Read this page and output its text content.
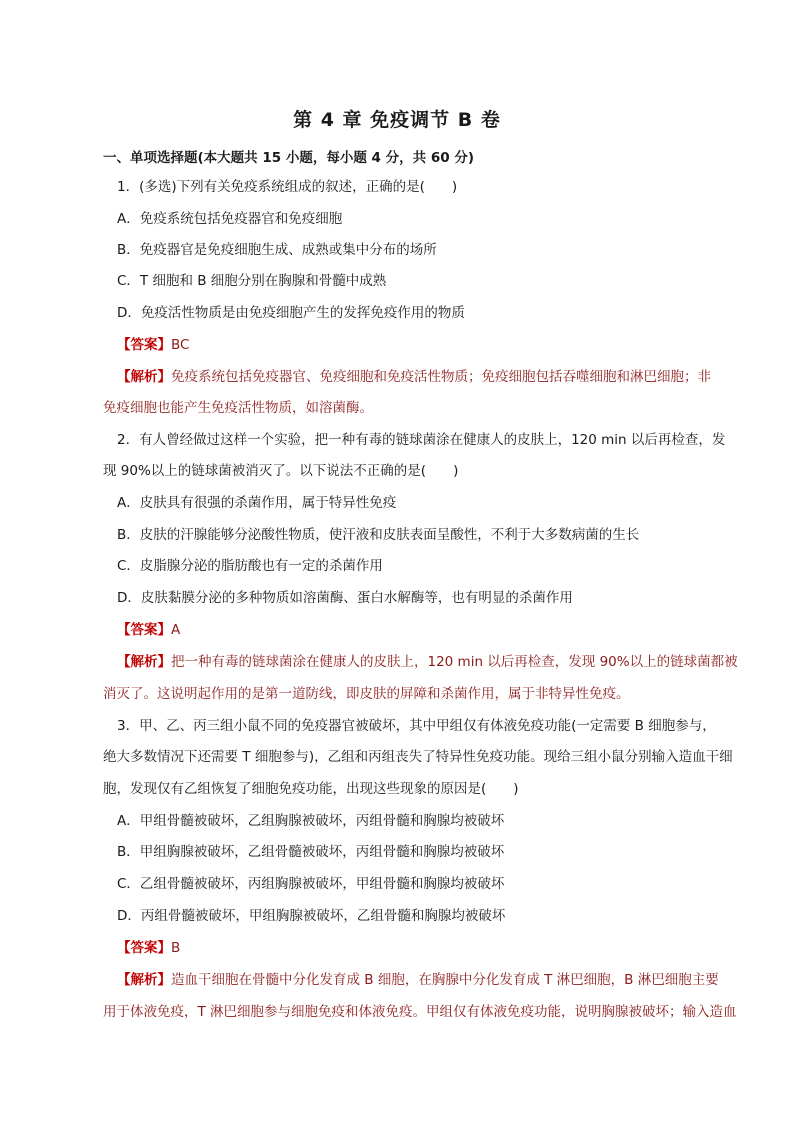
第 4 章 免疫调节 B 卷
一、单项选择题(本大题共 15 小题，每小题 4 分，共 60 分)
1．(多选)下列有关免疫系统组成的叙述，正确的是(　　)
A．免疫系统包括免疫器官和免疫细胞
B．免疫器官是免疫细胞生成、成熟或集中分布的场所
C．T 细胞和 B 细胞分别在胸腺和骨髓中成熟
D．免疫活性物质是由免疫细胞产生的发挥免疫作用的物质
【答案】BC
【解析】免疫系统包括免疫器官、免疫细胞和免疫活性物质；免疫细胞包括吞噬细胞和淋巴细胞；非
免疫细胞也能产生免疫活性物质，如溶菌酶。
2．有人曾经做过这样一个实验，把一种有毒的链球菌涂在健康人的皮肤上，120 min 以后再检查，发
现 90%以上的链球菌被消灭了。以下说法不正确的是(　　)
A．皮肤具有很强的杀菌作用，属于特异性免疫
B．皮肤的汗腺能够分泌酸性物质，使汗液和皮肤表面呈酸性，不利于大多数病菌的生长
C．皮脂腺分泌的脂肪酸也有一定的杀菌作用
D．皮肤黏膜分泌的多种物质如溶菌酶、蛋白水解酶等，也有明显的杀菌作用
【答案】A
【解析】把一种有毒的链球菌涂在健康人的皮肤上，120 min 以后再检查，发现 90%以上的链球菌都被
消灭了。这说明起作用的是第一道防线，即皮肤的屏障和杀菌作用，属于非特异性免疫。
3．甲、乙、丙三组小鼠不同的免疫器官被破坏，其中甲组仅有体液免疫功能(一定需要 B 细胞参与，
绝大多数情况下还需要 T 细胞参与)，乙组和丙组丧失了特异性免疫功能。现给三组小鼠分别输入造血干细
胞，发现仅有乙组恢复了细胞免疫功能，出现这些现象的原因是(　　)
A．甲组骨髓被破坏，乙组胸腺被破坏，丙组骨髓和胸腺均被破坏
B．甲组胸腺被破坏，乙组骨髓被破坏，丙组骨髓和胸腺均被破坏
C．乙组骨髓被破坏，丙组胸腺被破坏，甲组骨髓和胸腺均被破坏
D．丙组骨髓被破坏，甲组胸腺被破坏，乙组骨髓和胸腺均被破坏
【答案】B
【解析】造血干细胞在骨髓中分化发育成 B 细胞，在胸腺中分化发育成 T 淋巴细胞，B 淋巴细胞主要
用于体液免疫，T 淋巴细胞参与细胞免疫和体液免疫。甲组仅有体液免疫功能，说明胸腺被破坏；输入造血
